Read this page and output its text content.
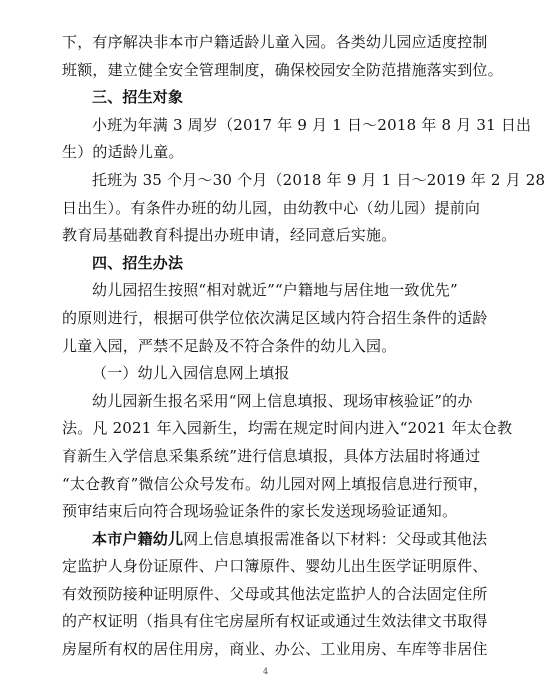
下，有序解决非本市户籍适龄儿童入园。各类幼儿园应适度控制
班额，建立健全安全管理制度，确保校园安全防范措施落实到位。
三、招生对象
小班为年满 3 周岁（2017 年 9 月 1 日～2018 年 8 月 31 日出
生）的适龄儿童。
托班为 35 个月～30 个月（2018 年 9 月 1 日～2019 年 2 月 28
日出生）。有条件办班的幼儿园，由幼教中心（幼儿园）提前向
教育局基础教育科提出办班申请，经同意后实施。
四、招生办法
幼儿园招生按照“相对就近”“户籍地与居住地一致优先”
的原则进行，根据可供学位依次满足区域内符合招生条件的适龄
儿童入园，严禁不足龄及不符合条件的幼儿入园。
（一）幼儿入园信息网上填报
幼儿园新生报名采用“网上信息填报、现场审核验证”的办
法。凡 2021 年入园新生，均需在规定时间内进入“2021 年太仓教
育新生入学信息采集系统”进行信息填报，具体方法届时将通过
“太仓教育”微信公众号发布。幼儿园对网上填报信息进行预审，
预审结束后向符合现场验证条件的家长发送现场验证通知。
本市户籍幼儿网上信息填报需准备以下材料：父母或其他法
定监护人身份证原件、户口簿原件、婴幼儿出生医学证明原件、
有效预防接种证明原件、父母或其他法定监护人的合法固定住所
的产权证明（指具有住宅房屋所有权证或通过生效法律文书取得
房屋所有权的居住用房，商业、办公、工业用房、车库等非居住
4
